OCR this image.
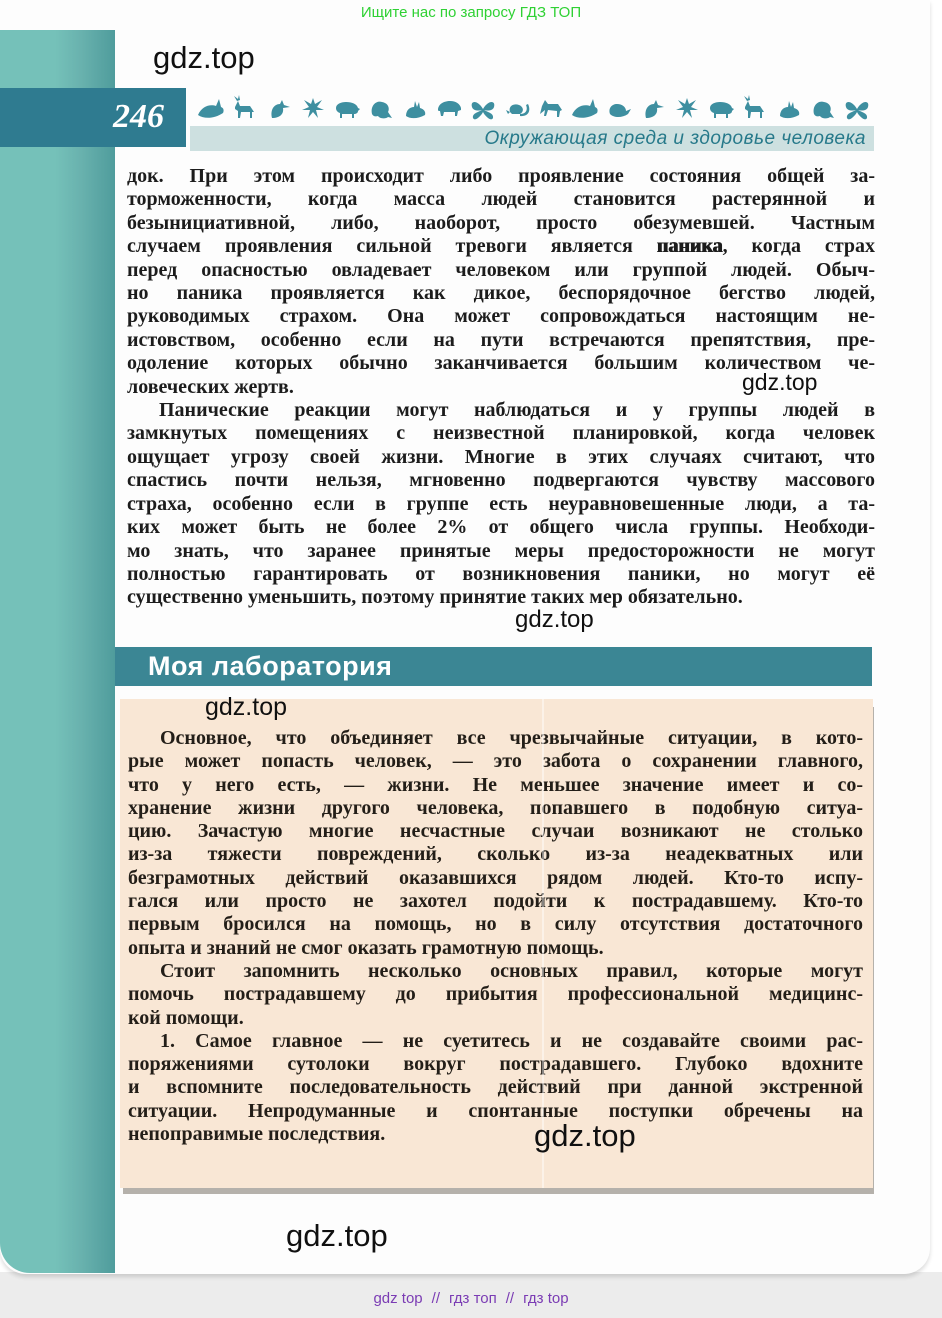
Ищите нас по запросу ГДЗ ТОП
246
Окружающая среда и здоровье человека
gdz.top
док. При этом происходит либо проявление состояния общей за-
торможенности, когда масса людей становится растерянной и
безынициативной, либо, наоборот, просто обезумевшей. Частным
случаем проявления сильной тревоги является паника, когда страх
перед опасностью овладевает человеком или группой людей. Обыч-
но паника проявляется как дикое, беспорядочное бегство людей,
руководимых страхом. Она может сопровождаться настоящим не-
истовством, особенно если на пути встречаются препятствия, пре-
одоление которых обычно заканчивается большим количеством че-
ловеческих жертв.
Панические реакции могут наблюдаться и у группы людей в
замкнутых помещениях с неизвестной планировкой, когда человек
ощущает угрозу своей жизни. Многие в этих случаях считают, что
спастись почти нельзя, мгновенно подвергаются чувству массового
страха, особенно если в группе есть неуравновешенные люди, а та-
ких может быть не более 2% от общего числа группы. Необходи-
мо знать, что заранее принятые меры предосторожности не могут
полностью гарантировать от возникновения паники, но могут её
существенно уменьшить, поэтому принятие таких мер обязательно.
gdz.top
gdz.top
Моя лаборатория
Основное, что объединяет все чрезвычайные ситуации, в кото-
рые может попасть человек, — это забота о сохранении главного,
что у него есть, — жизни. Не меньшее значение имеет и со-
хранение жизни другого человека, попавшего в подобную ситуа-
цию. Зачастую многие несчастные случаи возникают не столько
из-за тяжести повреждений, сколько из-за неадекватных или
безграмотных действий оказавшихся рядом людей. Кто-то испу-
гался или просто не захотел подойти к пострадавшему. Кто-то
первым бросился на помощь, но в силу отсутствия достаточного
опыта и знаний не смог оказать грамотную помощь.
Стоит запомнить несколько основных правил, которые могут
помочь пострадавшему до прибытия профессиональной медицинс-
кой помощи.
1. Самое главное — не суетитесь и не создавайте своими рас-
поряжениями сутолоки вокруг пострадавшего. Глубоко вдохните
и вспомните последовательность действий при данной экстренной
ситуации. Непродуманные и спонтанные поступки обречены на
непоправимые последствия.
gdz.top
gdz.top
gdz.top
gdz top // гдз топ // гдз top
